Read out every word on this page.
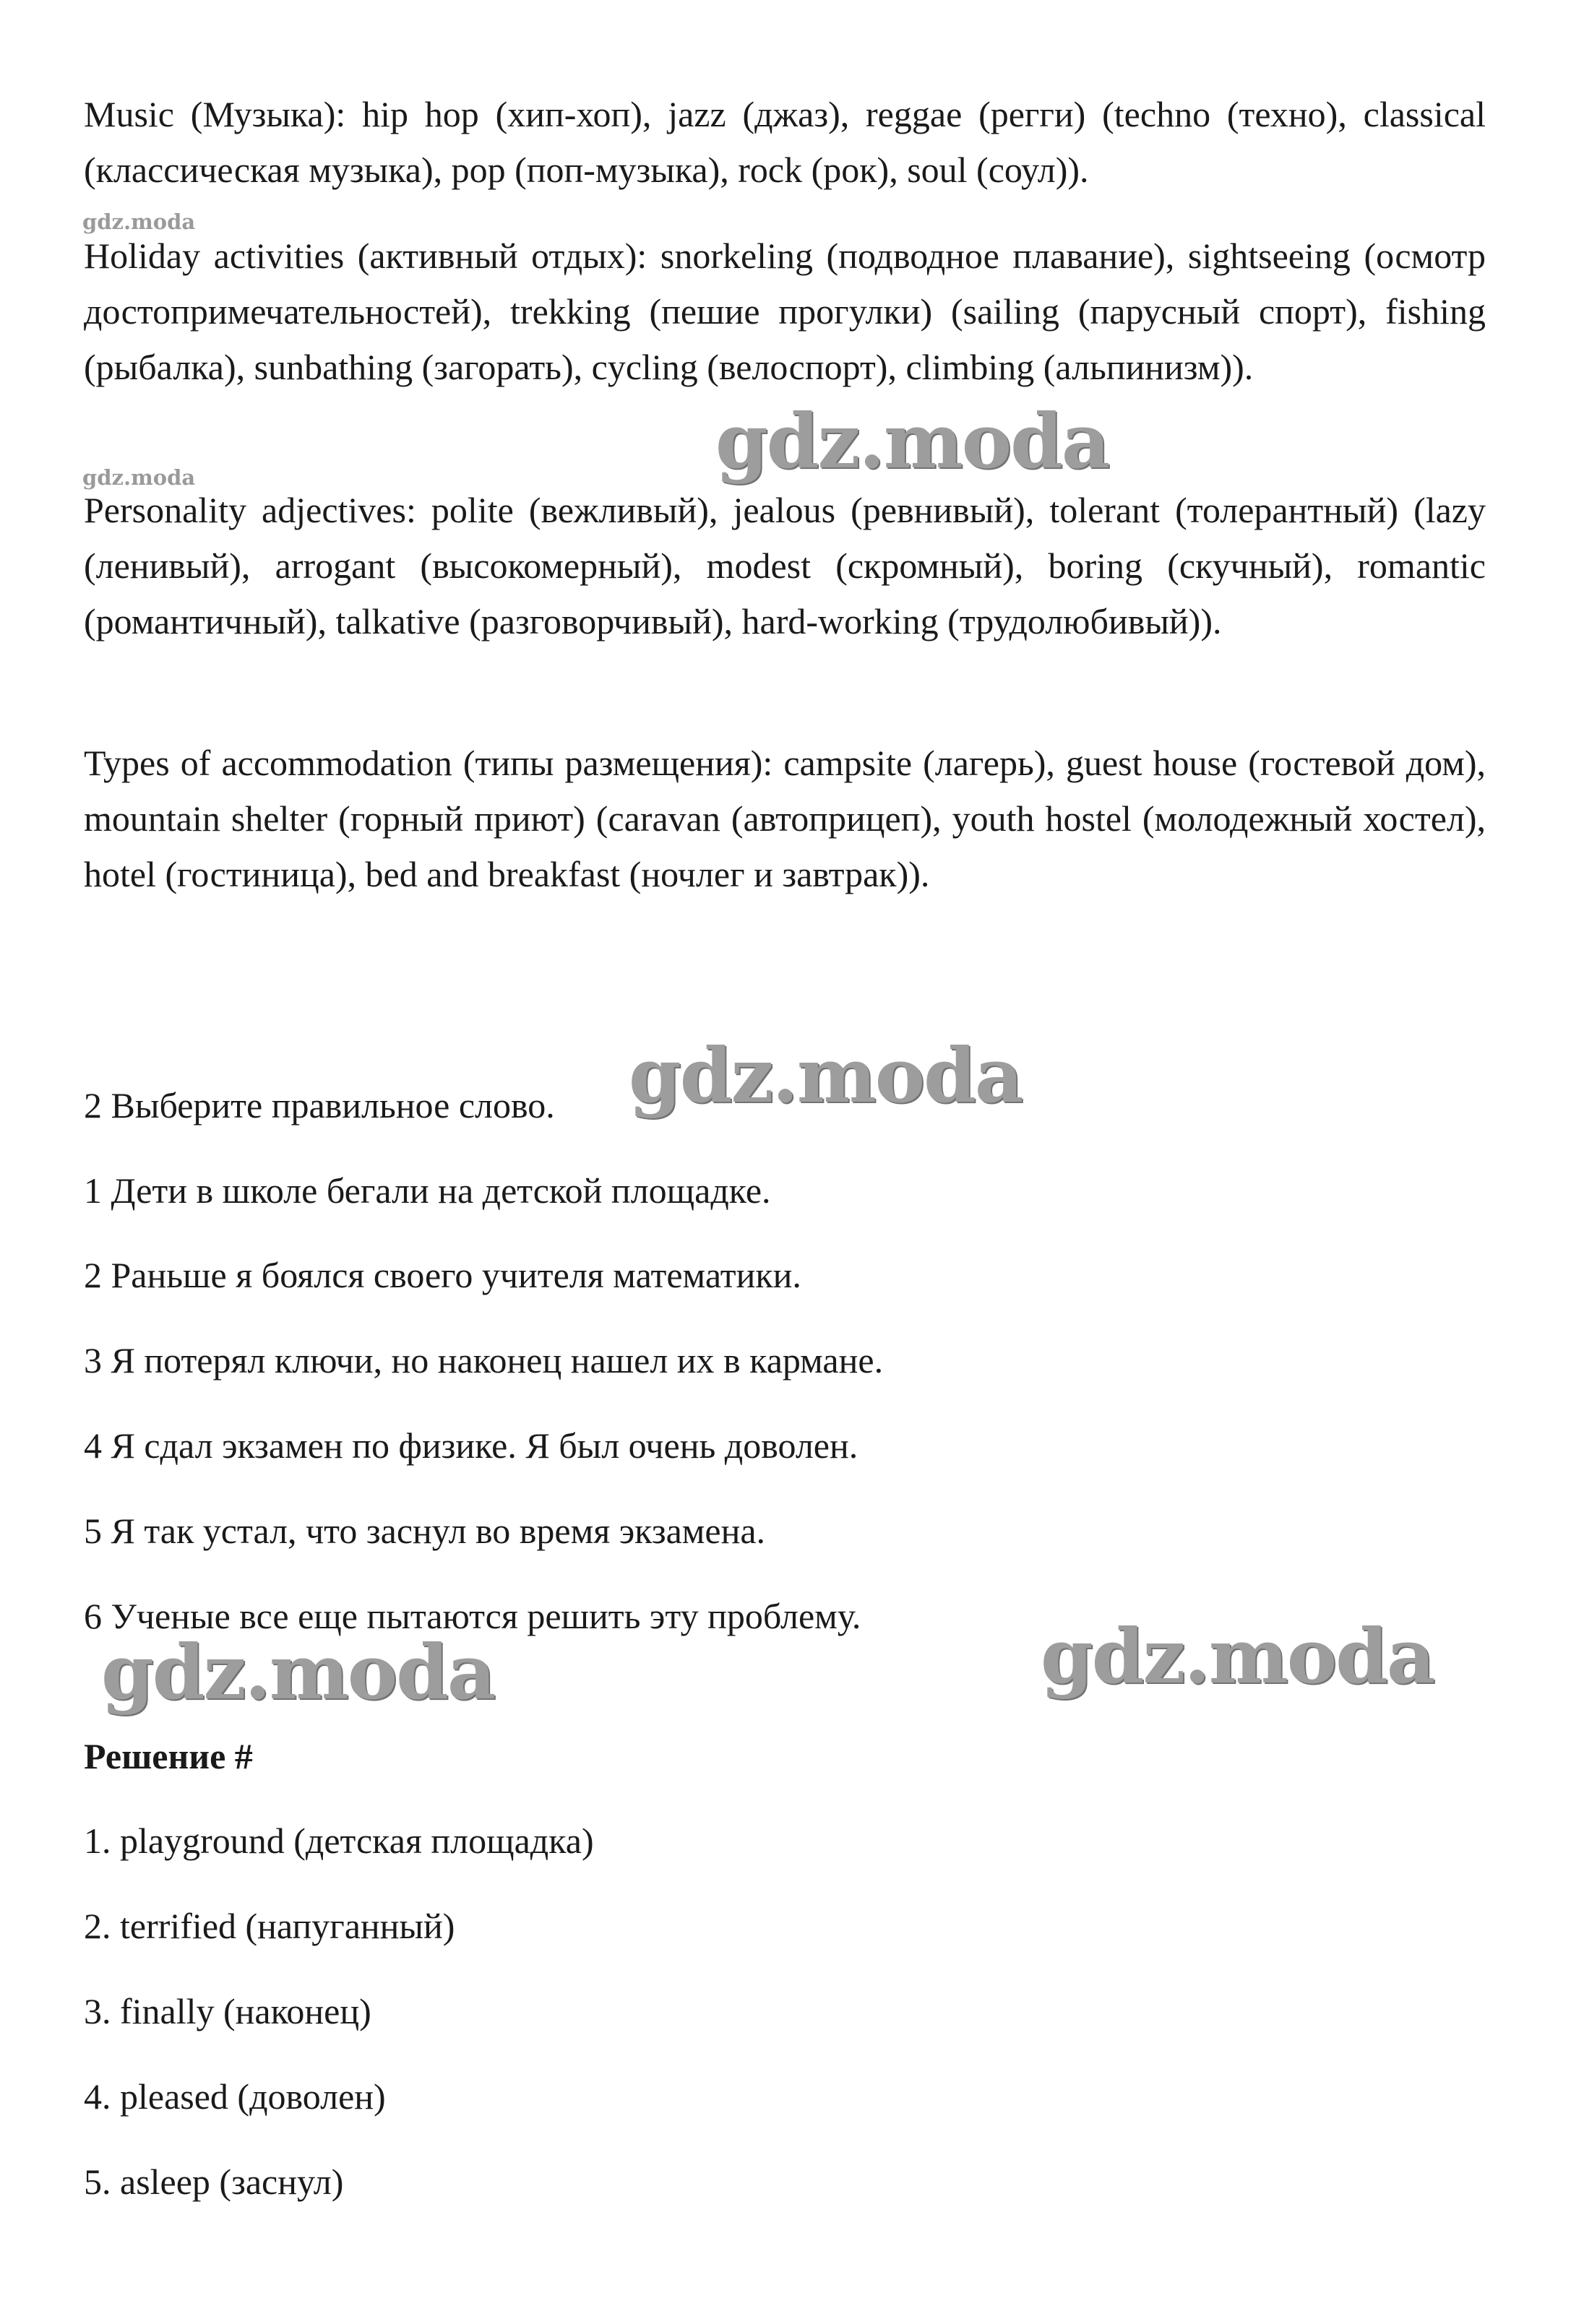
Music (Музыка): hip hop (хип-хоп), jazz (джаз), reggae (регги) (techno (техно), classical (классическая музыка), pop (поп-музыка), rock (рок), soul (соул)).

gdz.moda

Holiday activities (активный отдых): snorkeling (подводное плавание), sightseeing (осмотр достопримечательностей), trekking (пешие прогулки) (sailing (парусный спорт), fishing (рыбалка), sunbathing (загорать), cycling (велоспорт), climbing (альпинизм)).

gdz.moda
gdz.moda

Personality adjectives: polite (вежливый), jealous (ревнивый), tolerant (толерантный) (lazy (ленивый), arrogant (высокомерный), modest (скромный), boring (скучный), romantic (романтичный), talkative (разговорчивый), hard-working (трудолюбивый)).

Types of accommodation (типы размещения): campsite (лагерь), guest house (гостевой дом), mountain shelter (горный приют) (caravan (автоприцеп), youth hostel (молодежный хостел), hotel (гостиница), bed and breakfast (ночлег и завтрак)).

2 Выберите правильное слово. gdz.moda

1 Дети в школе бегали на детской площадке.

2 Раньше я боялся своего учителя математики.

3 Я потерял ключи, но наконец нашел их в кармане.

4 Я сдал экзамен по физике. Я был очень доволен.

5 Я так устал, что заснул во время экзамена.

6 Ученые все еще пытаются решить эту проблему.

gdz.moda	gdz.moda

Решение #

1. playground (детская площадка)

2. terrified (напуганный)

3. finally (наконец)

4. pleased (доволен)

5. asleep (заснул)
